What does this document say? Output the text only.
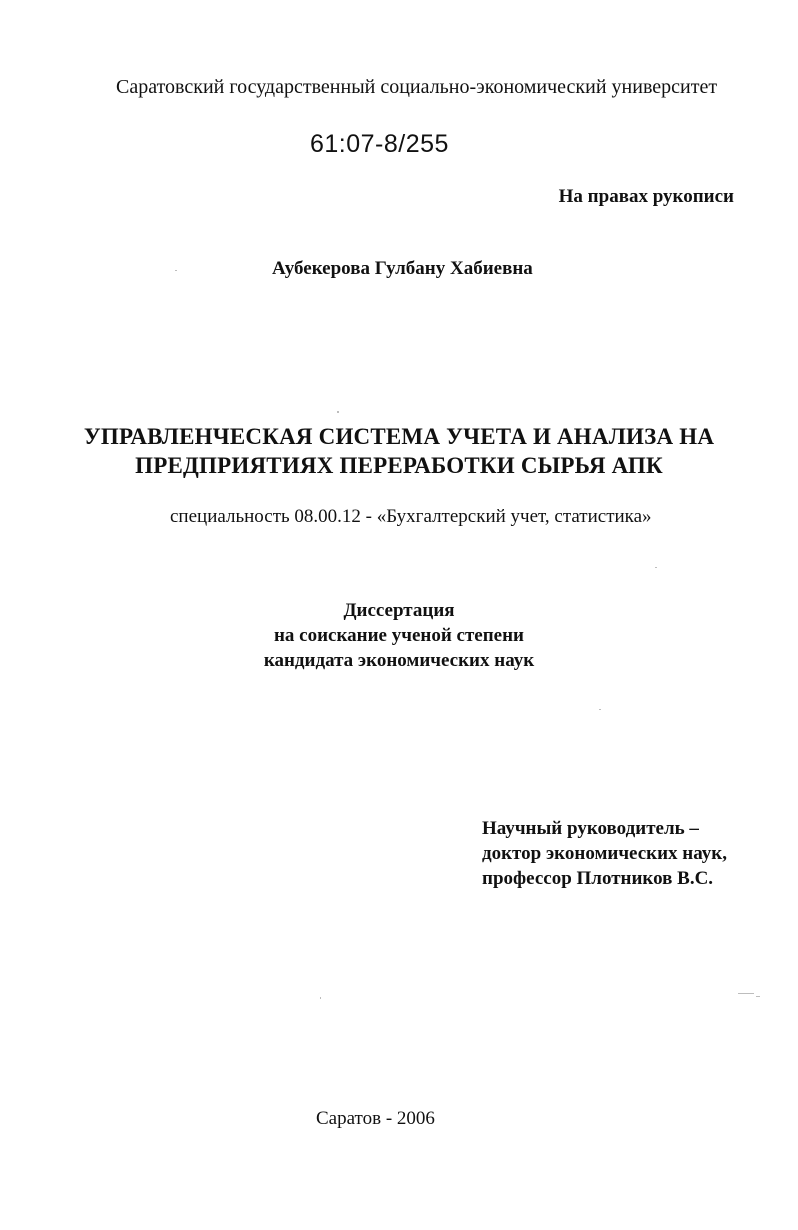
Саратовский государственный социально-экономический университет
61:07-8/255
На правах рукописи
Аубекерова Гулбану Хабиевна
УПРАВЛЕНЧЕСКАЯ СИСТЕМА УЧЕТА И АНАЛИЗА НА
ПРЕДПРИЯТИЯХ ПЕРЕРАБОТКИ СЫРЬЯ АПК
специальность 08.00.12 - «Бухгалтерский учет, статистика»
Диссертация
на соискание ученой степени
кандидата экономических наук
Научный руководитель –
доктор экономических наук,
профессор Плотников В.С.
Саратов - 2006
